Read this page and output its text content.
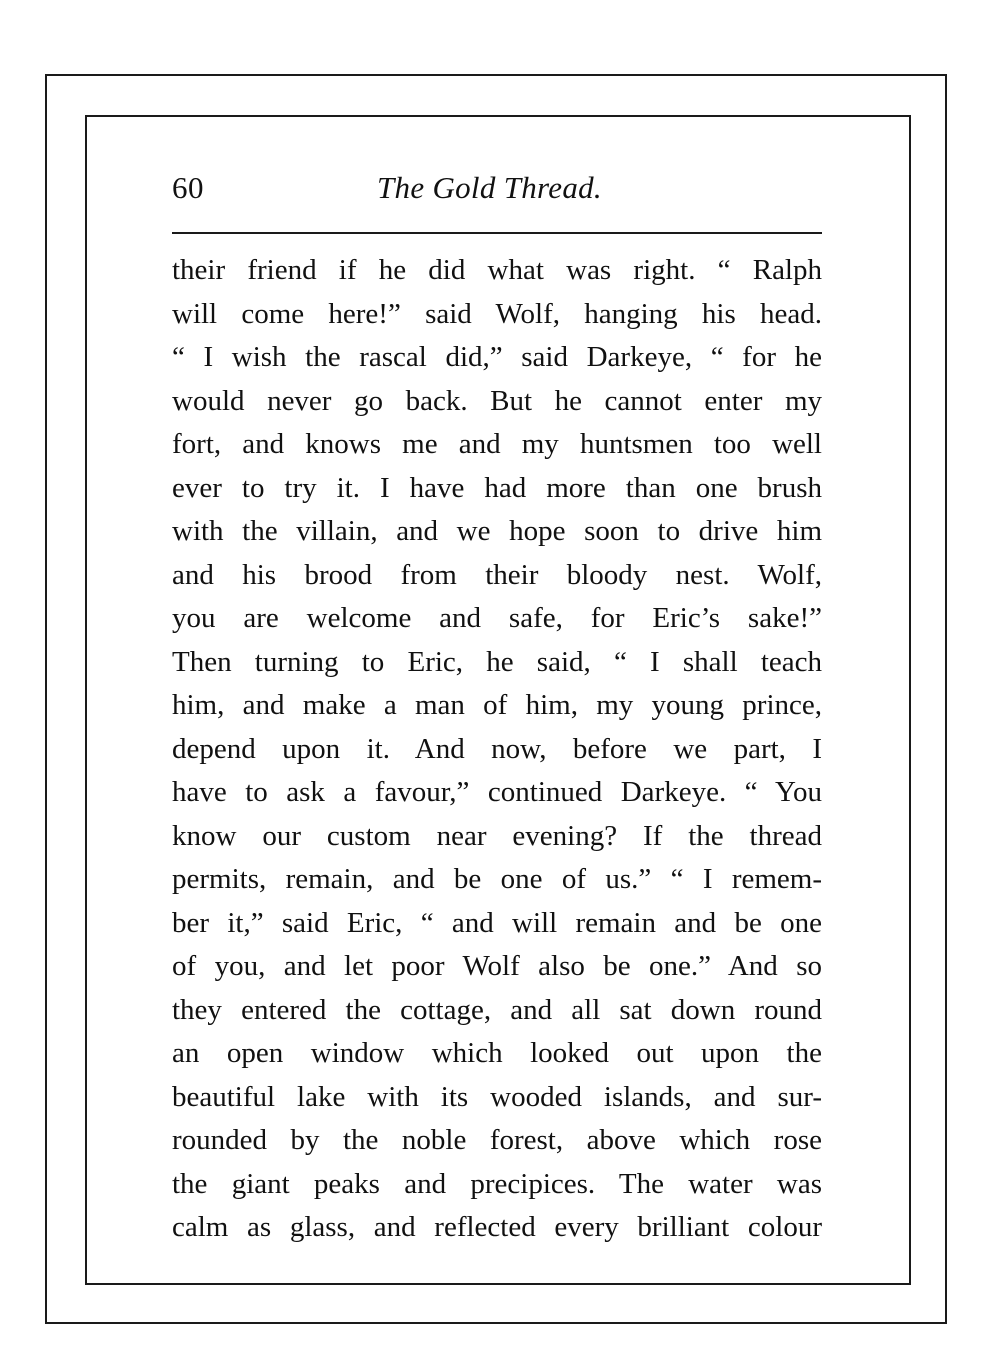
60	The Gold Thread.
their friend if he did what was right. “ Ralph
will come here!” said Wolf, hanging his head.
“ I wish the rascal did,” said Darkeye, “ for he
would never go back. But he cannot enter my
fort, and knows me and my huntsmen too well
ever to try it. I have had more than one brush
with the villain, and we hope soon to drive him
and his brood from their bloody nest. Wolf,
you are welcome and safe, for Eric’s sake!”
Then turning to Eric, he said, “ I shall teach
him, and make a man of him, my young prince,
depend upon it. And now, before we part, I
have to ask a favour,” continued Darkeye. “ You
know our custom near evening? If the thread
permits, remain, and be one of us.” “ I remem-
ber it,” said Eric, “ and will remain and be one
of you, and let poor Wolf also be one.” And so
they entered the cottage, and all sat down round
an open window which looked out upon the
beautiful lake with its wooded islands, and sur-
rounded by the noble forest, above which rose
the giant peaks and precipices. The water was
calm as glass, and reflected every brilliant colour
